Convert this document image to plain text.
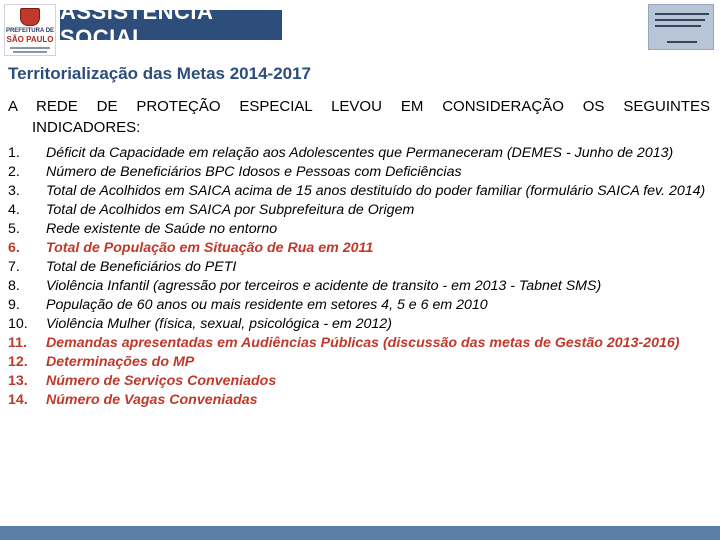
PREFEITURA DE
SÃO PAULO
ASSISTÊNCIA SOCIAL
Territorialização das Metas 2014-2017

A REDE DE PROTEÇÃO ESPECIAL LEVOU EM CONSIDERAÇÃO OS SEGUINTES
INDICADORES:

1. Déficit da Capacidade em relação aos Adolescentes que Permaneceram (DEMES - Junho de 2013)
2. Número de Beneficiários BPC Idosos e Pessoas com Deficiências
3. Total de Acolhidos em SAICA acima de 15 anos destituído do poder familiar (formulário SAICA fev. 2014)
4. Total de Acolhidos em SAICA por Subprefeitura de Origem
5. Rede existente de Saúde no entorno
6. Total de População em Situação de Rua em 2011
7. Total de Beneficiários do PETI
8. Violência Infantil (agressão por terceiros e acidente de transito - em 2013 - Tabnet SMS)
9. População de 60 anos ou mais residente em setores 4, 5 e 6 em 2010
10. Violência Mulher (física, sexual, psicológica - em 2012)
11. Demandas apresentadas em Audiências Públicas (discussão das metas de Gestão 2013-2016)
12. Determinações do MP
13. Número de Serviços Conveniados
14. Número de Vagas Conveniadas
